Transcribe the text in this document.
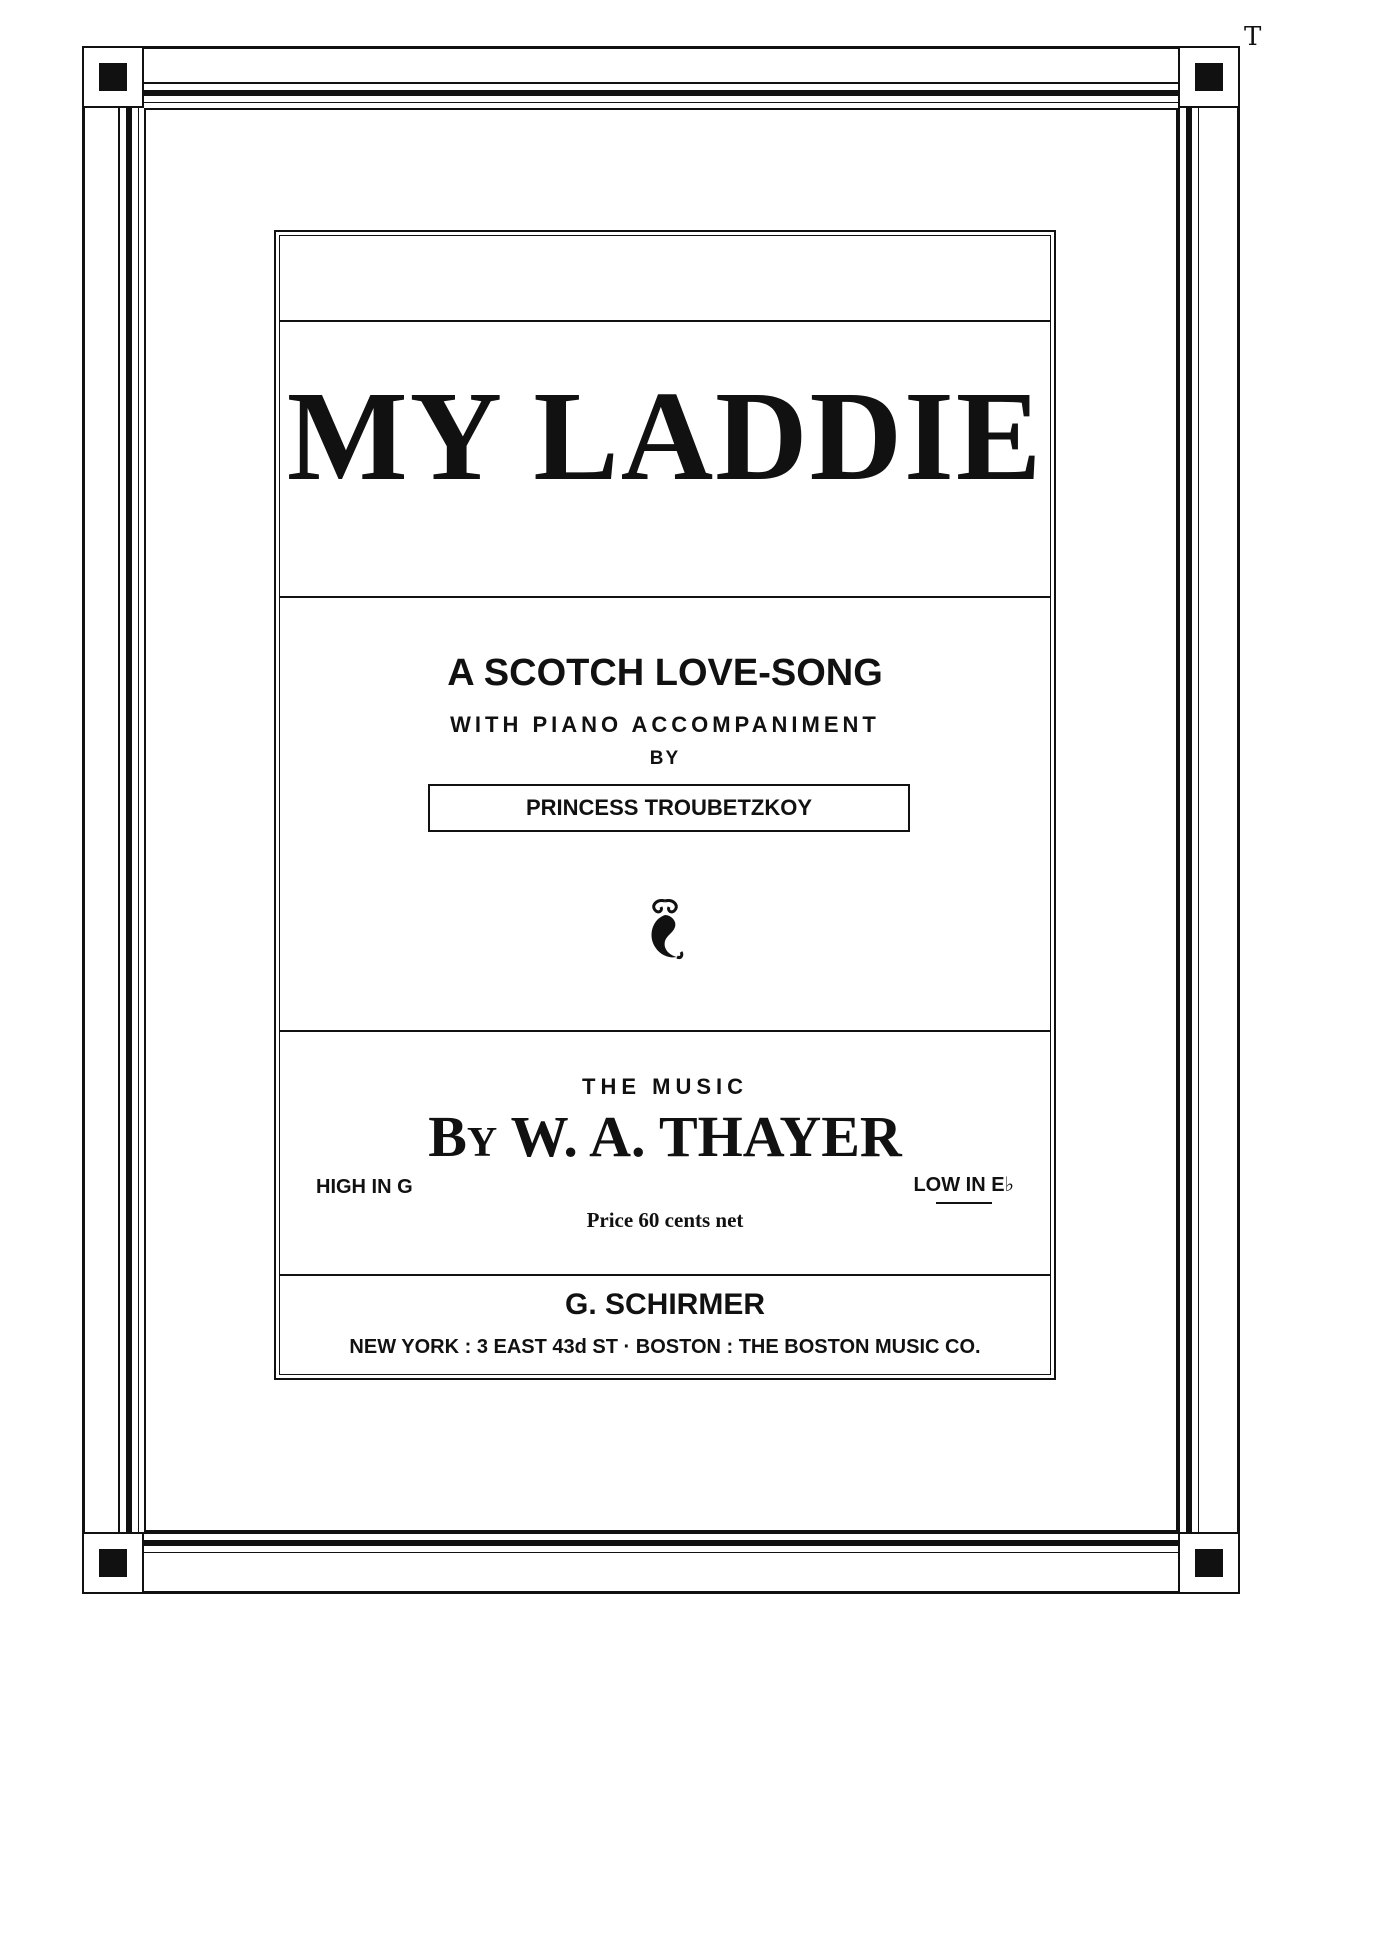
T
MY LADDIE
A SCOTCH LOVE-SONG
WITH PIANO ACCOMPANIMENT
BY
PRINCESS TROUBETZKOY
THE MUSIC
BY W. A. THAYER
HIGH IN G	LOW IN E♭
Price 60 cents net
G. SCHIRMER
NEW YORK : 3 EAST 43d ST · BOSTON : THE BOSTON MUSIC CO.
